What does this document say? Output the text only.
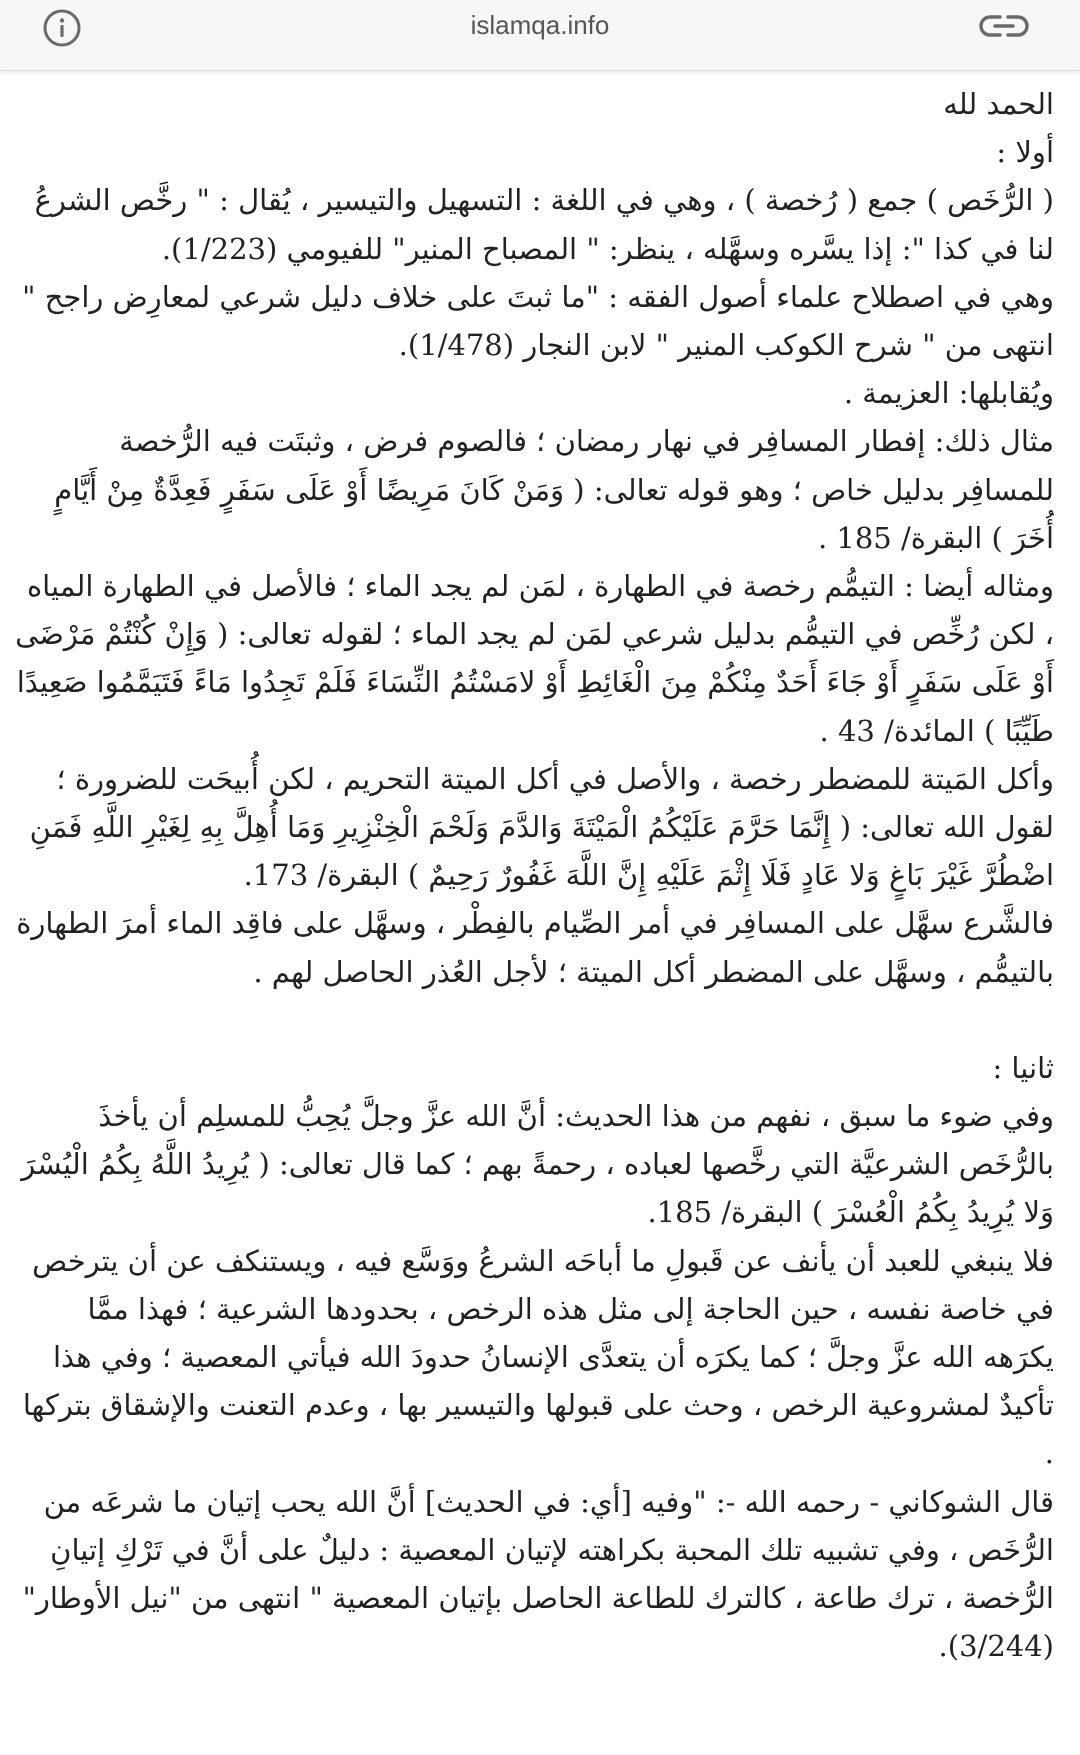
islamqa.info

الحمد لله

أولا :

( الرُّخَص ) جمع ( رُخصة ) ، وهي في اللغة : التسهيل والتيسير ، يُقال : " رخَّص الشرعُ لنا في كذا ": إذا يسَّره وسهَّله ، ينظر: " المصباح المنير" للفيومي (1/223).

وهي في اصطلاح علماء أصول الفقه : "ما ثبتَ على خلاف دليل شرعي لمعارِض راجح " انتهى من " شرح الكوكب المنير " لابن النجار (1/478).

ويُقابلها: العزيمة .

مثال ذلك: إفطار المسافِر في نهار رمضان ؛ فالصوم فرض ، وثبتَت فيه الرُّخصة للمسافِر بدليل خاص ؛ وهو قوله تعالى: ( وَمَنْ كَانَ مَرِيضًا أَوْ عَلَى سَفَرٍ فَعِدَّةٌ مِنْ أَيَّامٍ أُخَرَ ) البقرة/ 185 .

ومثاله أيضا : التيمُّم رخصة في الطهارة ، لمَن لم يجد الماء ؛ فالأصل في الطهارة المياه ، لكن رُخِّص في التيمُّم بدليل شرعي لمَن لم يجد الماء ؛ لقوله تعالى: ( وَإِنْ كُنْتُمْ مَرْضَى أَوْ عَلَى سَفَرٍ أَوْ جَاءَ أَحَدٌ مِنْكُمْ مِنَ الْغَائِطِ أَوْ لامَسْتُمُ النِّسَاءَ فَلَمْ تَجِدُوا مَاءً فَتَيَمَّمُوا صَعِيدًا طَيِّبًا ) المائدة/ 43 .

وأكل المَيتة للمضطر رخصة ، والأصل في أكل الميتة التحريم ، لكن أُبيحَت للضرورة ؛ لقول الله تعالى: ( إِنَّمَا حَرَّمَ عَلَيْكُمُ الْمَيْتَةَ وَالدَّمَ وَلَحْمَ الْخِنْزِيرِ وَمَا أُهِلَّ بِهِ لِغَيْرِ اللَّهِ فَمَنِ اضْطُرَّ غَيْرَ بَاغٍ وَلا عَادٍ فَلَا إِثْمَ عَلَيْهِ إِنَّ اللَّهَ غَفُورٌ رَحِيمٌ ) البقرة/ 173.

فالشَّرع سهَّل على المسافِر في أمر الصِّيام بالفِطْر ، وسهَّل على فاقِد الماء أمرَ الطهارة بالتيمُّم ، وسهَّل على المضطر أكل الميتة ؛ لأجل العُذر الحاصل لهم .

ثانيا :

وفي ضوء ما سبق ، نفهم من هذا الحديث: أنَّ الله عزَّ وجلَّ يُحِبُّ للمسلِم أن يأخذَ بالرُّخَص الشرعيَّة التي رخَّصها لعباده ، رحمةً بهم ؛ كما قال تعالى: ( يُرِيدُ اللَّهُ بِكُمُ الْيُسْرَ وَلا يُرِيدُ بِكُمُ الْعُسْرَ ) البقرة/ 185.

فلا ينبغي للعبد أن يأنف عن قَبولِ ما أباحَه الشرعُ ووَسَّع فيه ، ويستنكف عن أن يترخص في خاصة نفسه ، حين الحاجة إلى مثل هذه الرخص ، بحدودها الشرعية ؛ فهذا ممَّا يكرَهه الله عزَّ وجلَّ ؛ كما يكرَه أن يتعدَّى الإنسانُ حدودَ الله فيأتي المعصية ؛ وفي هذا تأكيدٌ لمشروعية الرخص ، وحث على قبولها والتيسير بها ، وعدم التعنت والإشقاق بتركها .

قال الشوكاني - رحمه الله -: "وفيه [أي: في الحديث] أنَّ الله يحب إتيان ما شرعَه من الرُّخَص ، وفي تشبيه تلك المحبة بكراهته لإتيان المعصية : دليلٌ على أنَّ في تَرْكِ إتيانِ الرُّخصة ، ترك طاعة ، كالترك للطاعة الحاصل بإتيان المعصية " انتهى من "نيل الأوطار" (3/244).
